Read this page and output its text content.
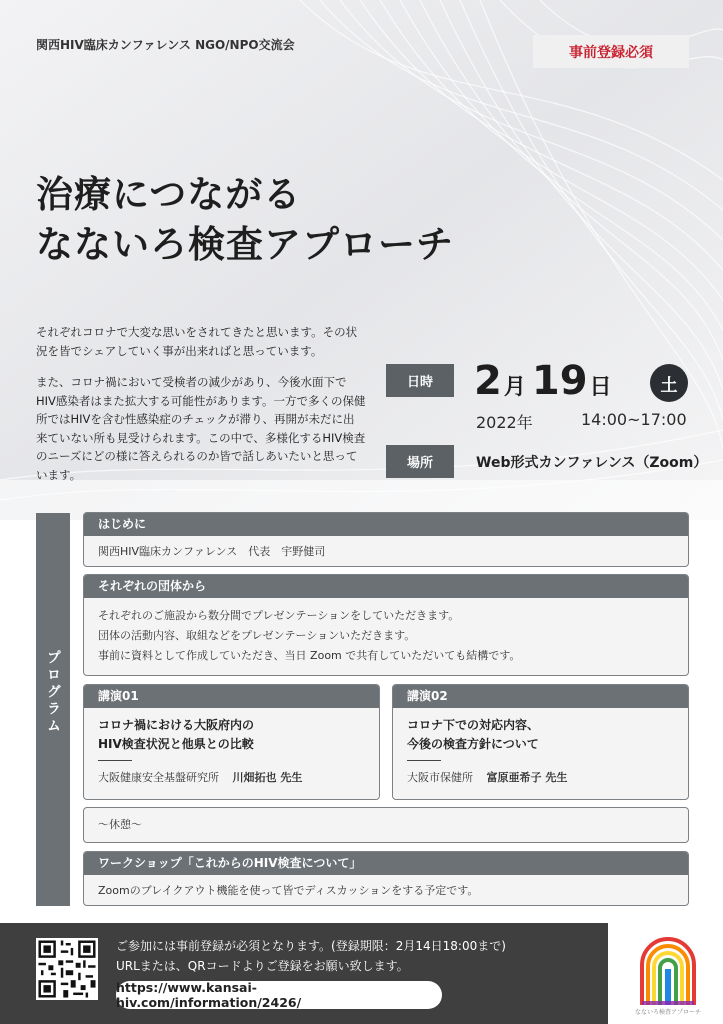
関西HIV臨床カンファレンス NGO/NPO交流会	事前登録必須
治療につながる
なないろ検査アプローチ

それぞれコロナで大変な思いをされてきたと思います。その状況を皆でシェアしていく事が出来ればと思っています。

また、コロナ禍において受検者の減少があり、今後水面下で HIV感染者はまた拡大する可能性があります。一方で多くの保健所ではHIVを含む性感染症のチェックが滞り、再開が未だに出来ていない所も見受けられます。この中で、多様化するHIV検査のニーズにどの様に答えられるのか皆で話しあいたいと思っています。

日時	2 月 19 日	土
2022年	14:00~17:00
場所	Web形式カンファレンス（Zoom）
プログラム
はじめに
関西HIV臨床カンファレンス　代表　宇野健司
それぞれの団体から
それぞれのご施設から数分間でプレゼンテーションをしていただきます。
団体の活動内容、取組などをプレゼンテーションいただきます。
事前に資料として作成していただき、当日 Zoom で共有していただいても結構です。
講演01
コロナ禍における大阪府内の
HIV検査状況と他県との比較
大阪健康安全基盤研究所 川畑拓也 先生
講演02
コロナ下での対応内容、
今後の検査方針について
大阪市保健所 富原亜希子 先生
～休憩～
ワークショップ「これからのHIV検査について」
Zoomのブレイクアウト機能を使って皆でディスカッションをする予定です。
ご参加には事前登録が必須となります。(登録期限：2月14日18:00まで)
URLまたは、QRコードよりご登録をお願い致します。
https://www.kansai-hiv.com/information/2426/
なないろ検査アプローチ
